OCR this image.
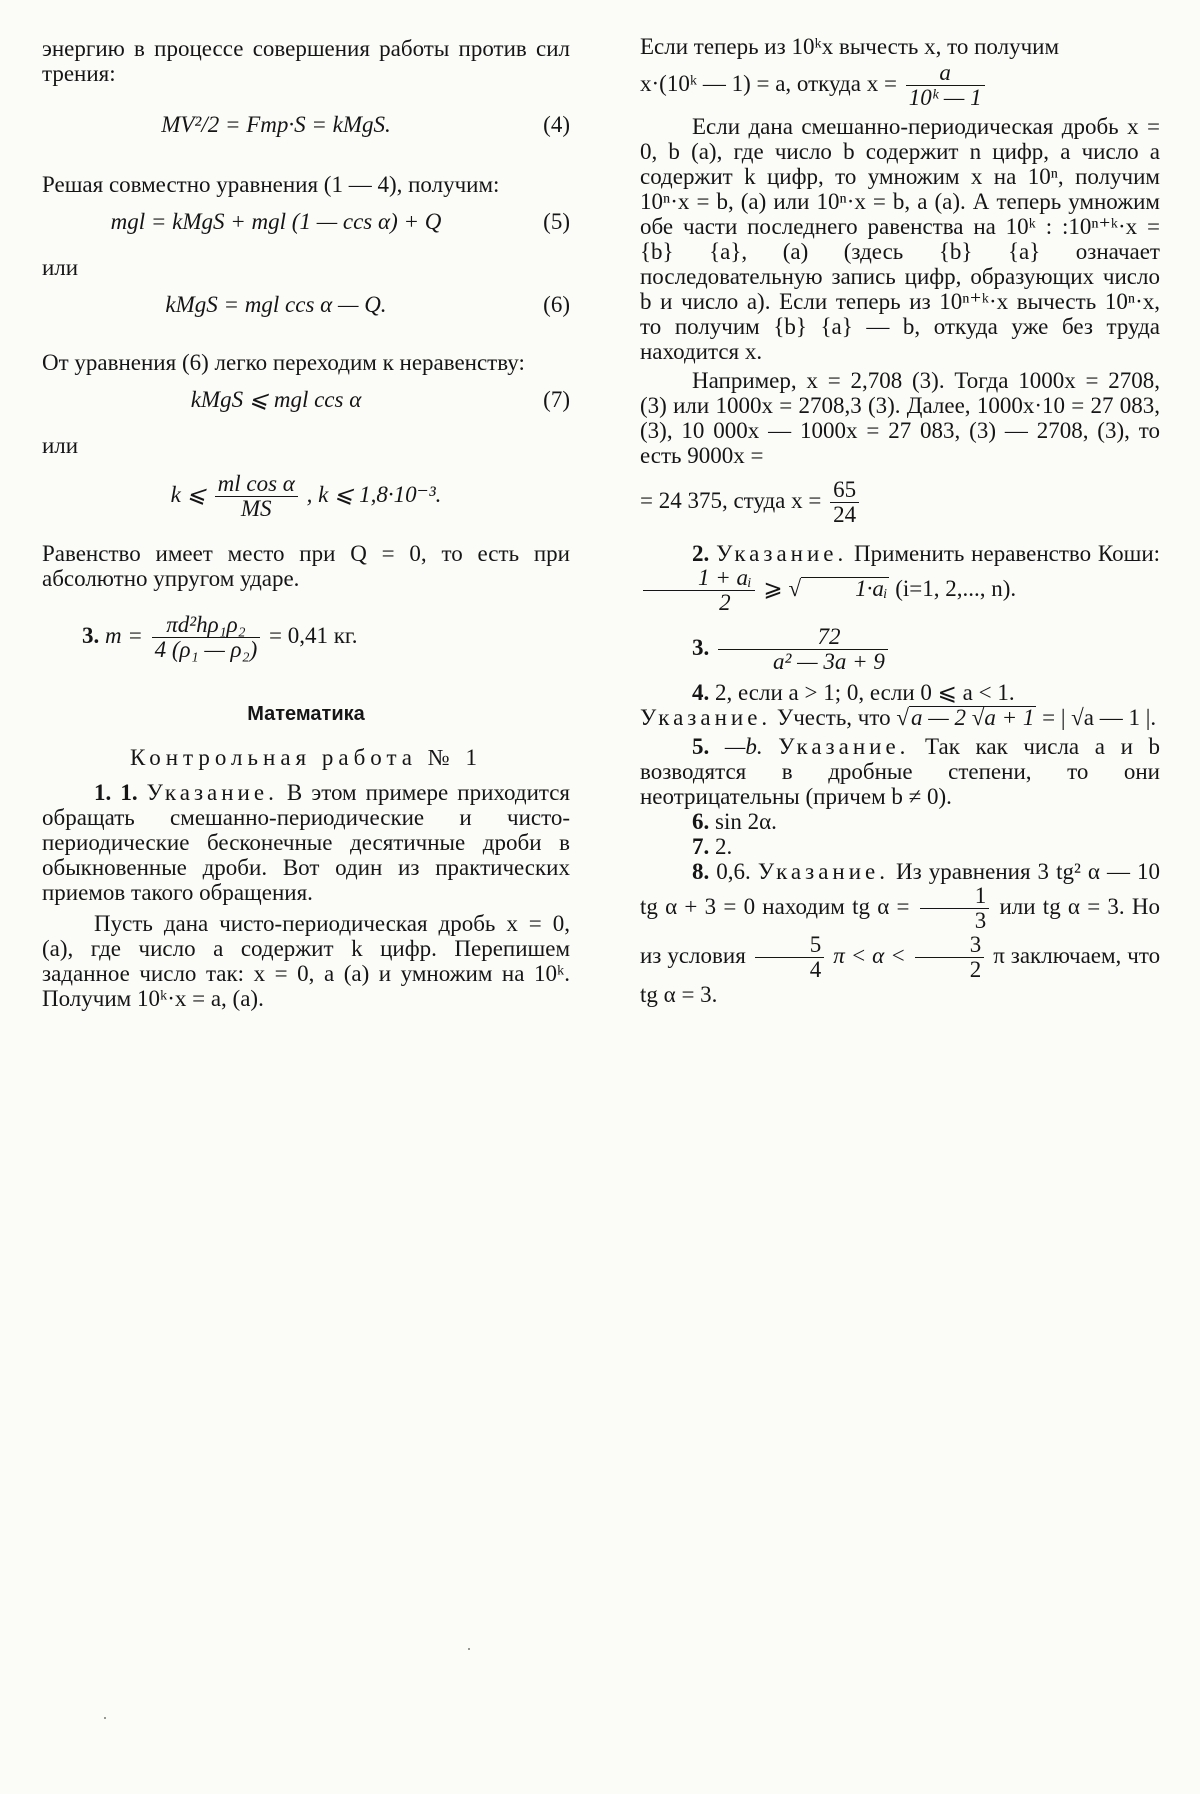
энергию в процессе совершения работы против сил трения:

MV²/2 = Fтр·S = kMgS.	(4)

Решая совместно уравнения (1 — 4), получим:

mgl = kMgS + mgl (1 — ccs α) + Q	(5)

или

kMgS = mgl ccs α — Q.	(6)

От уравнения (6) легко переходим к неравенству:

kMgS ⩽ mgl ccs α	(7)

или

k ⩽ $\frac{\text{ml cos α}}{MS}$ , k ⩽ 1,8·10⁻³.

Равенство имеет место при Q = 0, то есть при абсолютно упругом ударе.

3. $m = \frac{\text{πd²hρ₁ρ₂}}{\text{4 (ρ₁ — ρ₂)}} = 0,41$ кг.
Математика
Контрольная работа № 1

1. 1. Указание. В этом примере приходится обращать смешанно-периодические и чисто-периодические бесконечные десятичные дроби в обыкновенные дроби. Вот один из практических приемов такого обращения.

Пусть дана чисто-периодическая дробь x = 0, (a), где число a содержит k цифр. Перепишем заданное число так: x = 0, a (a) и умножим на 10ᵏ. Получим 10ᵏ·x = a, (a).

Если теперь из 10ᵏx вычесть x, то получим

x·(10ᵏ — 1) = a, откуда $x = \frac{a}{\text{10ᵏ — 1}}$

Если дана смешанно-периодическая дробь x = 0, b (a), где число b содержит n цифр, а число a содержит k цифр, то умножим x на 10ⁿ, получим 10ⁿ·x = b, (a) или 10ⁿ·x = b, a (a). А теперь умножим обе части последнего равенства на 10ᵏ : :10ⁿ⁺ᵏ·x = {b} {a}, (a) (здесь {b} {a} означает последовательную запись цифр, образующих число b и число a). Если теперь из 10ⁿ⁺ᵏ·x вычесть 10ⁿ·x, то получим {b} {a} — b, откуда уже без труда находится x.

Например, x = 2,708 (3). Тогда 1000x = 2708, (3) или 1000x = 2708,3 (3). Далее, 1000x·10 = 27 083, (3), 10 000x — 1000x = 27 083, (3) — 2708, (3), то есть 9000x =

= 24 375, студа $x = \frac{65}{24}$

2. Указание. Применить неравенство Коши:
$\frac{\text{1 + aᵢ}}{2}$ ⩾ √ 1·aᵢ (i=1, 2,..., n).

3. $\frac{72}{\text{a² — 3a + 9}}$

4. 2, если a > 1; 0, если 0 ⩽ a < 1.

Указание. Учесть, что √a — 2 √a + 1 = | √a — 1 |.

5. —b. Указание. Так как числа a и b возводятся в дробные степени, то они неотрицательны (причем b ≠ 0).

6. sin 2α.

7. 2.

8. 0,6. Указание. Из уравнения 3 tg² α — 10 tg α + 3 = 0 находим tg $\alpha = \frac{1}{3}$ или tg α = 3. Но из условия $\frac{5}{4}$ $\pi < \alpha < \frac{3}{2}$ π заключаем, что tg α = 3.
